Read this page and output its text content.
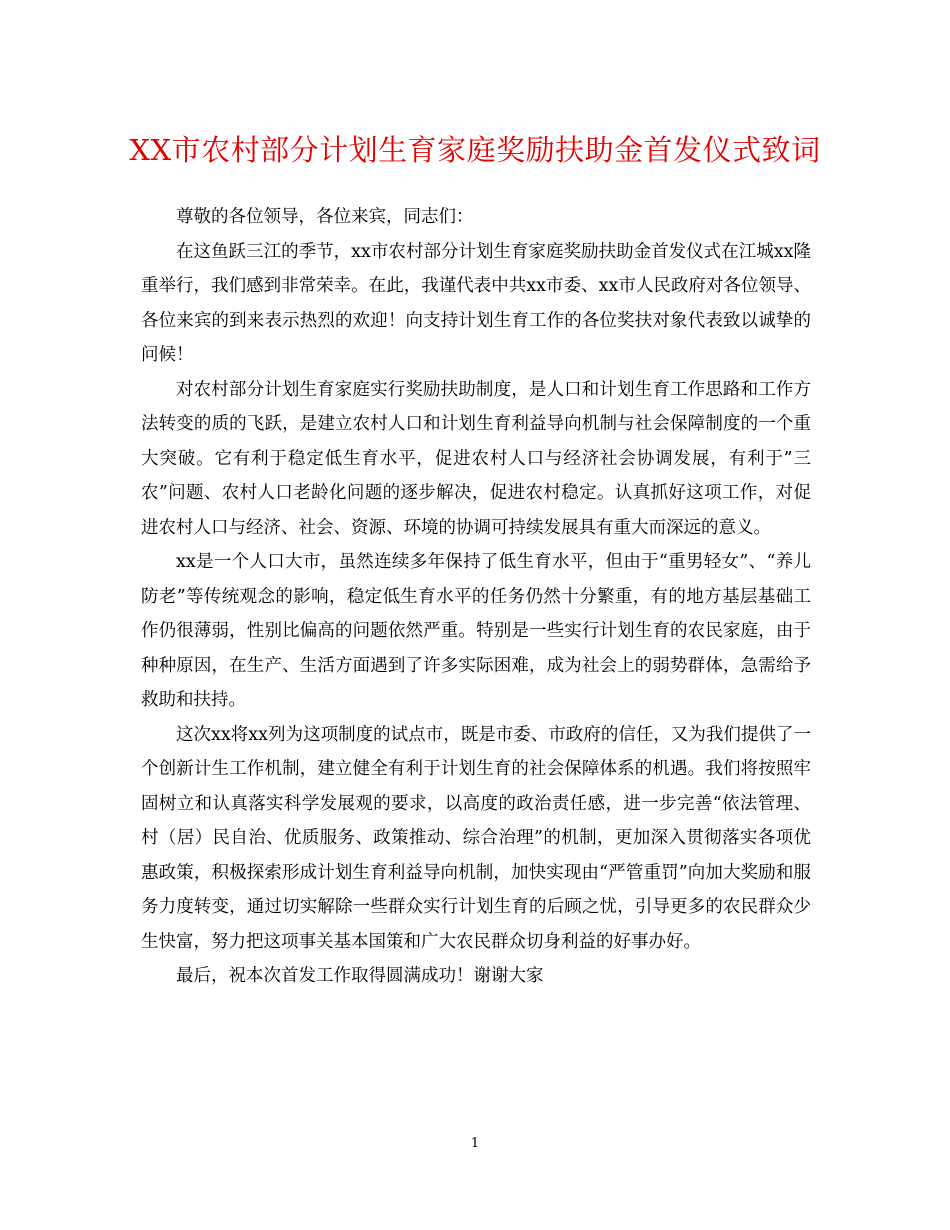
XX市农村部分计划生育家庭奖励扶助金首发仪式致词

尊敬的各位领导，各位来宾，同志们：

在这鱼跃三江的季节，xx市农村部分计划生育家庭奖励扶助金首发仪式在江城xx隆重举行，我们感到非常荣幸。在此，我谨代表中共xx市委、xx市人民政府对各位领导、各位来宾的到来表示热烈的欢迎！向支持计划生育工作的各位奖扶对象代表致以诚挚的问候！

对农村部分计划生育家庭实行奖励扶助制度，是人口和计划生育工作思路和工作方法转变的质的飞跃，是建立农村人口和计划生育利益导向机制与社会保障制度的一个重大突破。它有利于稳定低生育水平，促进农村人口与经济社会协调发展，有利于”三农”问题、农村人口老龄化问题的逐步解决，促进农村稳定。认真抓好这项工作，对促进农村人口与经济、社会、资源、环境的协调可持续发展具有重大而深远的意义。

xx是一个人口大市，虽然连续多年保持了低生育水平，但由于“重男轻女”、“养儿防老”等传统观念的影响，稳定低生育水平的任务仍然十分繁重，有的地方基层基础工作仍很薄弱，性别比偏高的问题依然严重。特别是一些实行计划生育的农民家庭，由于种种原因，在生产、生活方面遇到了许多实际困难，成为社会上的弱势群体，急需给予救助和扶持。

这次xx将xx列为这项制度的试点市，既是市委、市政府的信任，又为我们提供了一个创新计生工作机制，建立健全有利于计划生育的社会保障体系的机遇。我们将按照牢固树立和认真落实科学发展观的要求，以高度的政治责任感，进一步完善“依法管理、村（居）民自治、优质服务、政策推动、综合治理”的机制，更加深入贯彻落实各项优惠政策，积极探索形成计划生育利益导向机制，加快实现由“严管重罚”向加大奖励和服务力度转变，通过切实解除一些群众实行计划生育的后顾之忧，引导更多的农民群众少生快富，努力把这项事关基本国策和广大农民群众切身利益的好事办好。

最后，祝本次首发工作取得圆满成功！谢谢大家

1
